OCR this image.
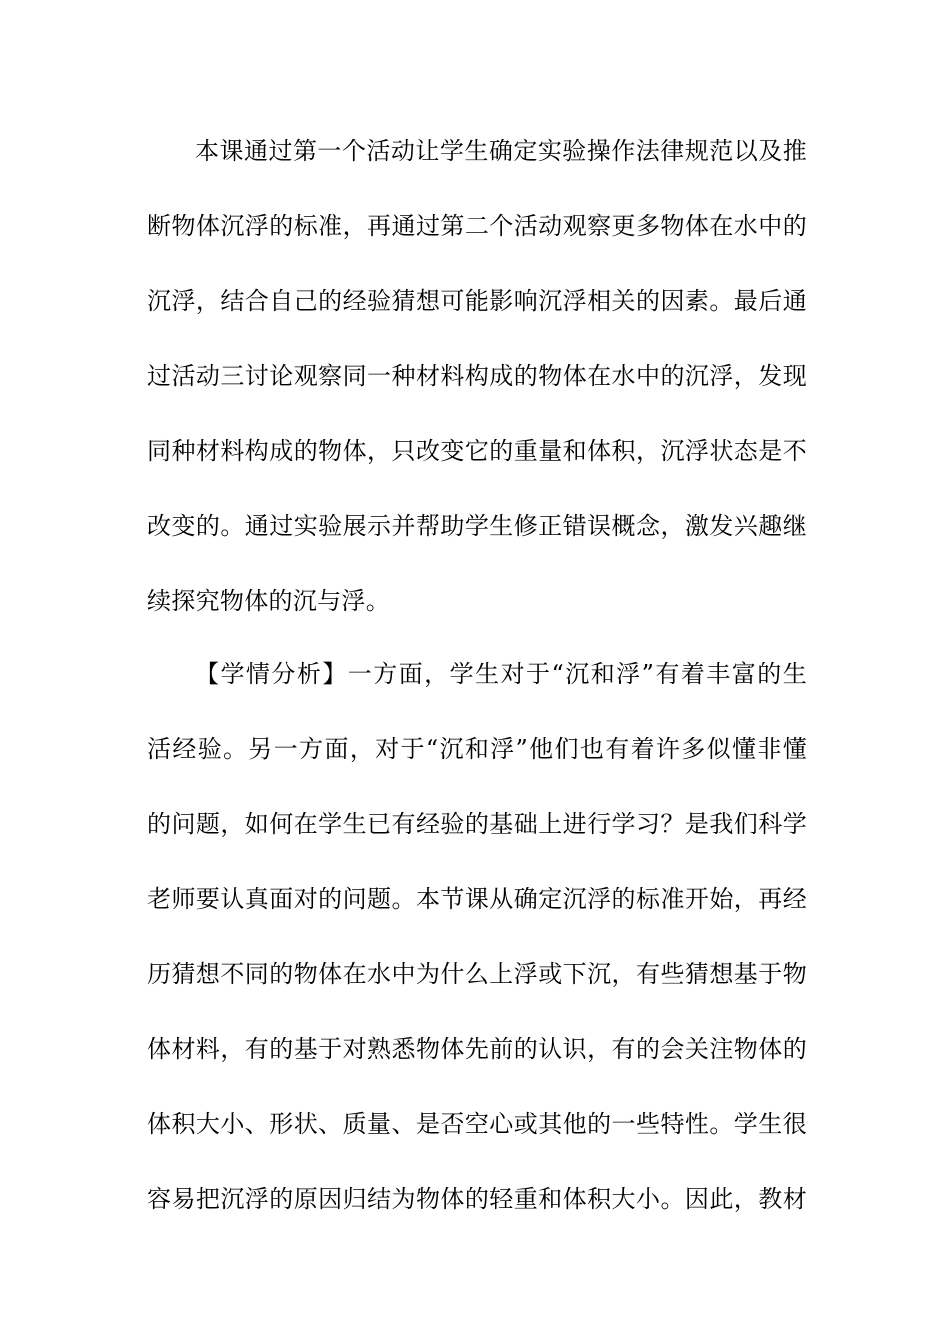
本课通过第一个活动让学生确定实验操作法律规范以及推
断物体沉浮的标准，再通过第二个活动观察更多物体在水中的
沉浮，结合自己的经验猜想可能影响沉浮相关的因素。最后通
过活动三讨论观察同一种材料构成的物体在水中的沉浮，发现
同种材料构成的物体，只改变它的重量和体积，沉浮状态是不
改变的。通过实验展示并帮助学生修正错误概念，激发兴趣继
续探究物体的沉与浮。
【学情分析】一方面，学生对于“沉和浮”有着丰富的生
活经验。另一方面，对于“沉和浮”他们也有着许多似懂非懂
的问题，如何在学生已有经验的基础上进行学习？是我们科学
老师要认真面对的问题。本节课从确定沉浮的标准开始，再经
历猜想不同的物体在水中为什么上浮或下沉，有些猜想基于物
体材料，有的基于对熟悉物体先前的认识，有的会关注物体的
体积大小、形状、质量、是否空心或其他的一些特性。学生很
容易把沉浮的原因归结为物体的轻重和体积大小。因此，教材
